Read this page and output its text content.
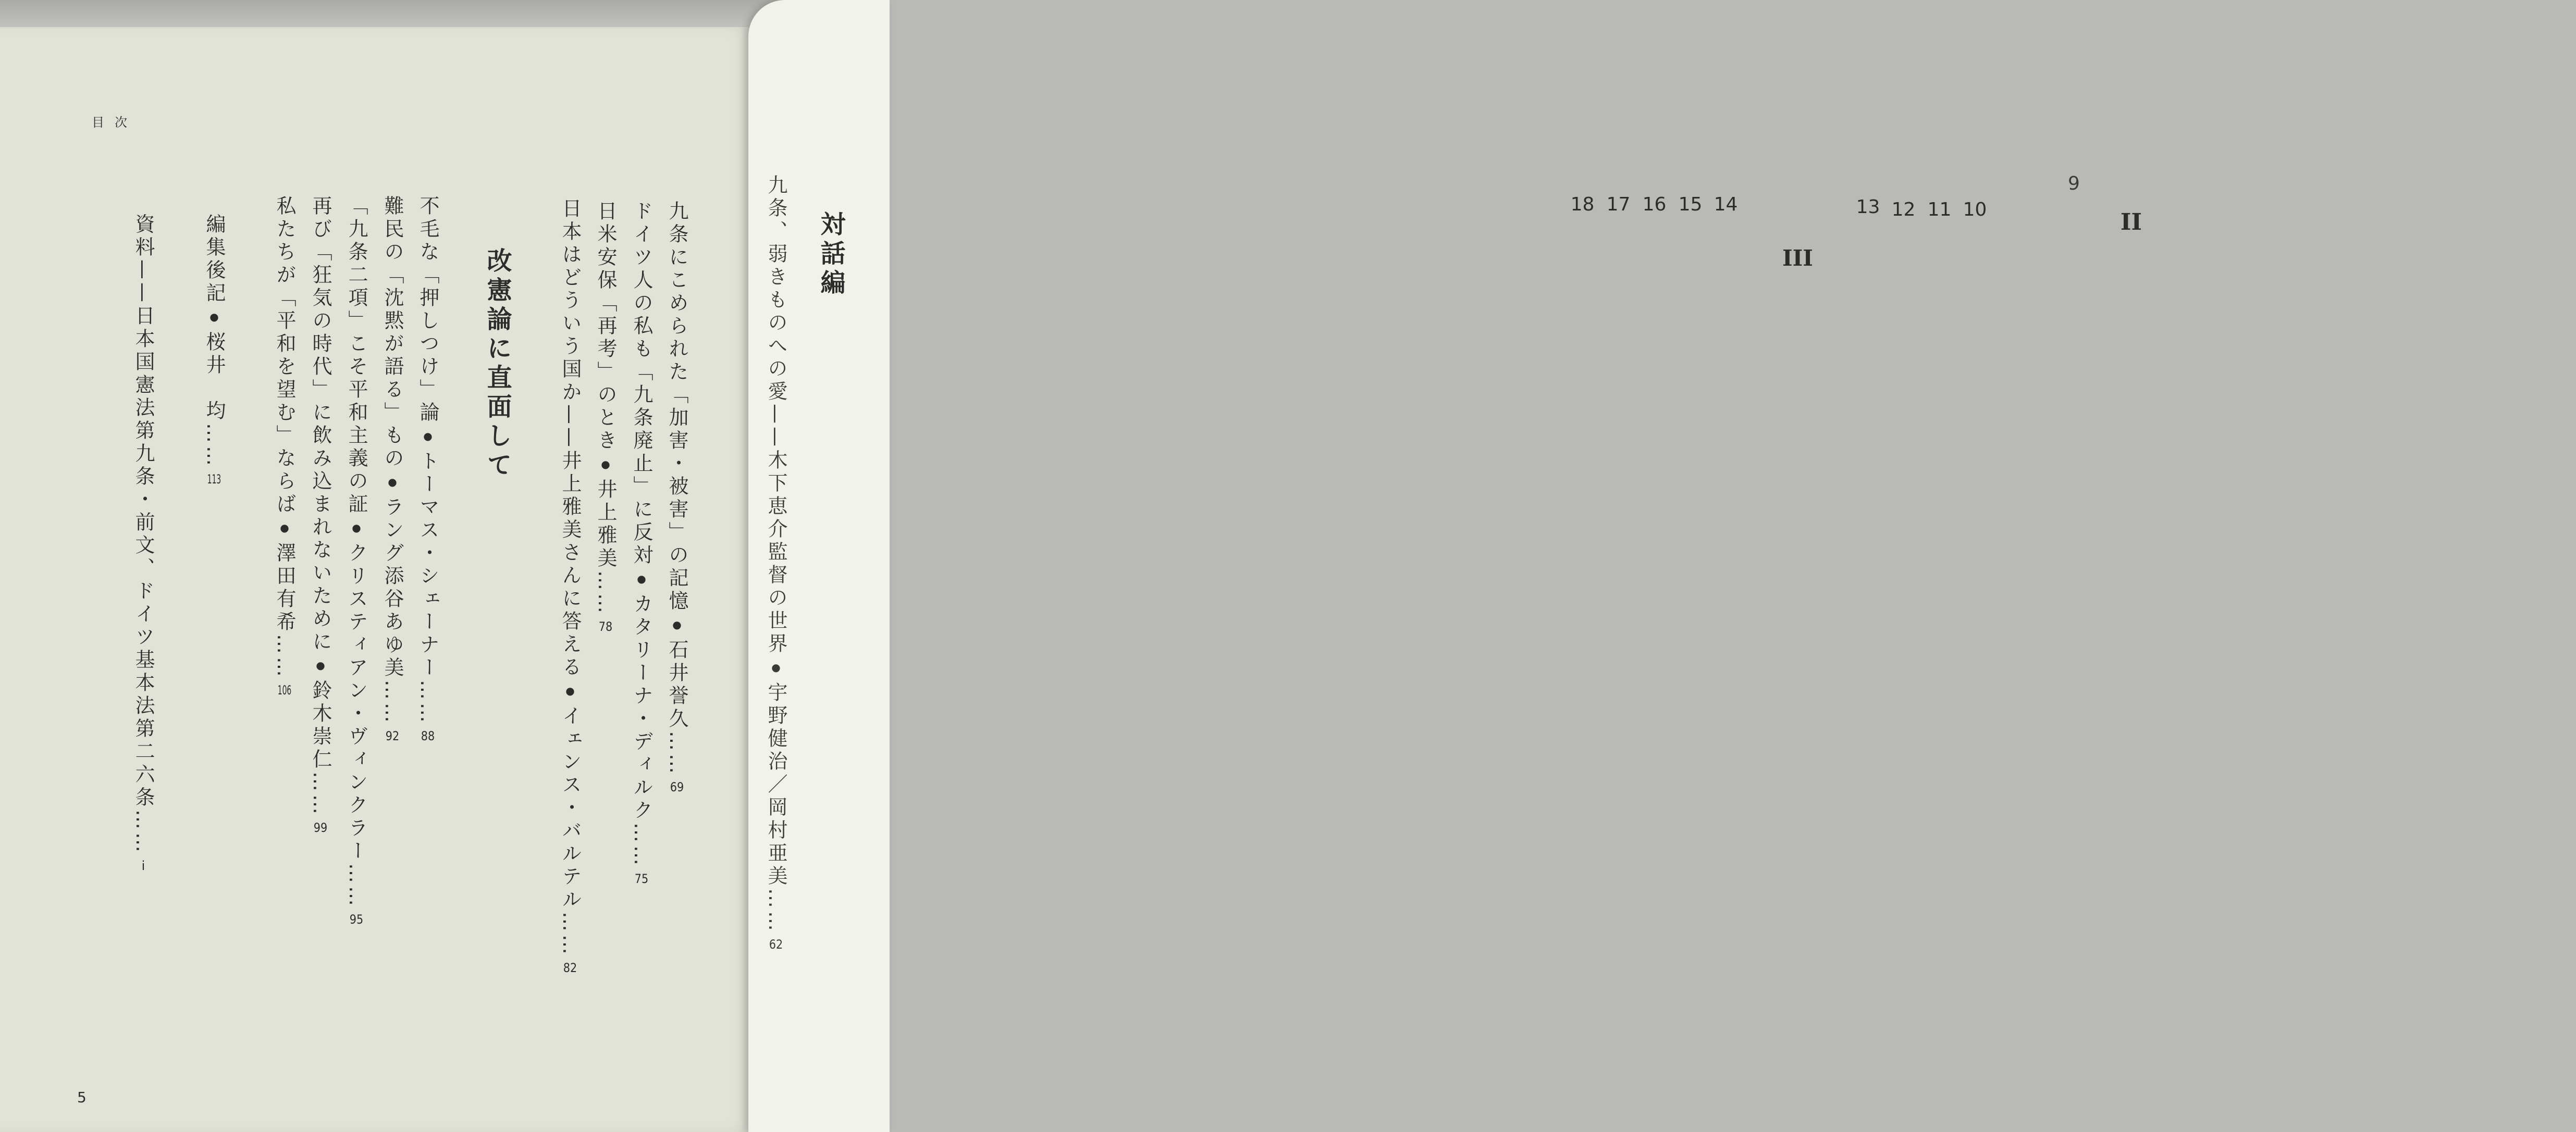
目次
5
II
対話編
9
九条、弱きものへの愛——木下恵介監督の世界●宇野健治／岡村亜美……62
10
九条にこめられた「加害・被害」の記憶●石井誉久……69
11
ドイツ人の私も「九条廃止」に反対●カタリーナ・ディルク……75
12
日米安保「再考」のとき●井上雅美……78
13
日本はどういう国か——井上雅美さんに答える●イェンス・バルテル……82
III
改憲論に直面して
14
不毛な「押しつけ」論●トーマス・シェーナー……88
15
難民の「沈黙が語る」もの●ラング添谷あゆ美……92
16
「九条二項」こそ平和主義の証●クリスティアン・ヴィンクラー……95
17
再び「狂気の時代」に飲み込まれないために●鈴木崇仁……99
18
私たちが「平和を望む」ならば●澤田有希……106
編集後記●桜井　均……113
資料——日本国憲法第九条・前文、ドイツ基本法第二六条……i
